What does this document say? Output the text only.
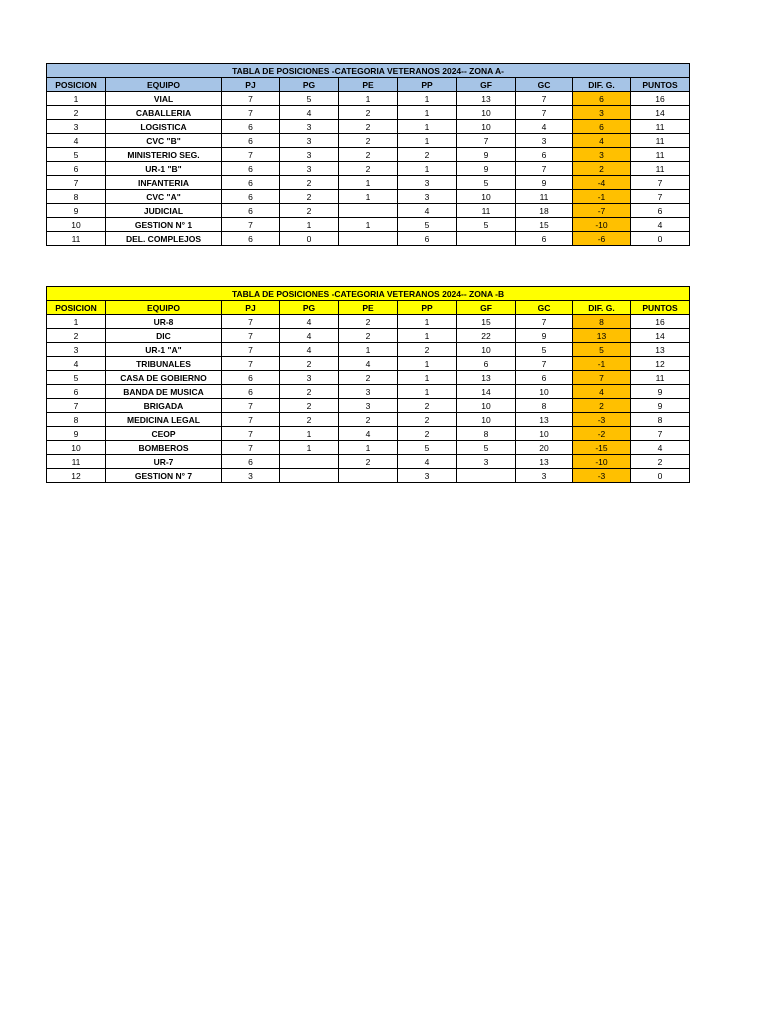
TABLA DE POSICIONES -CATEGORIA VETERANOS 2024-- ZONA A-									
POSICION	EQUIPO	PJ	PG	PE	PP	GF	GC	DIF. G.	PUNTOS
1	VIAL	7	5	1	1	13	7	6	16
2	CABALLERIA	7	4	2	1	10	7	3	14
3	LOGISTICA	6	3	2	1	10	4	6	11
4	CVC "B"	6	3	2	1	7	3	4	11
5	MINISTERIO SEG.	7	3	2	2	9	6	3	11
6	UR-1 "B"	6	3	2	1	9	7	2	11
7	INFANTERIA	6	2	1	3	5	9	-4	7
8	CVC "A"	6	2	1	3	10	11	-1	7
9	JUDICIAL	6	2		4	11	18	-7	6
10	GESTION N° 1	7	1	1	5	5	15	-10	4
11	DEL. COMPLEJOS	6	0		6		6	-6	0
TABLA DE POSICIONES -CATEGORIA VETERANOS 2024-- ZONA -B									
POSICION	EQUIPO	PJ	PG	PE	PP	GF	GC	DIF. G.	PUNTOS
1	UR-8	7	4	2	1	15	7	8	16
2	DIC	7	4	2	1	22	9	13	14
3	UR-1 "A"	7	4	1	2	10	5	5	13
4	TRIBUNALES	7	2	4	1	6	7	-1	12
5	CASA DE GOBIERNO	6	3	2	1	13	6	7	11
6	BANDA DE MUSICA	6	2	3	1	14	10	4	9
7	BRIGADA	7	2	3	2	10	8	2	9
8	MEDICINA LEGAL	7	2	2	2	10	13	-3	8
9	CEOP	7	1	4	2	8	10	-2	7
10	BOMBEROS	7	1	1	5	5	20	-15	4
11	UR-7	6		2	4	3	13	-10	2
12	GESTION N° 7	3			3		3	-3	0
